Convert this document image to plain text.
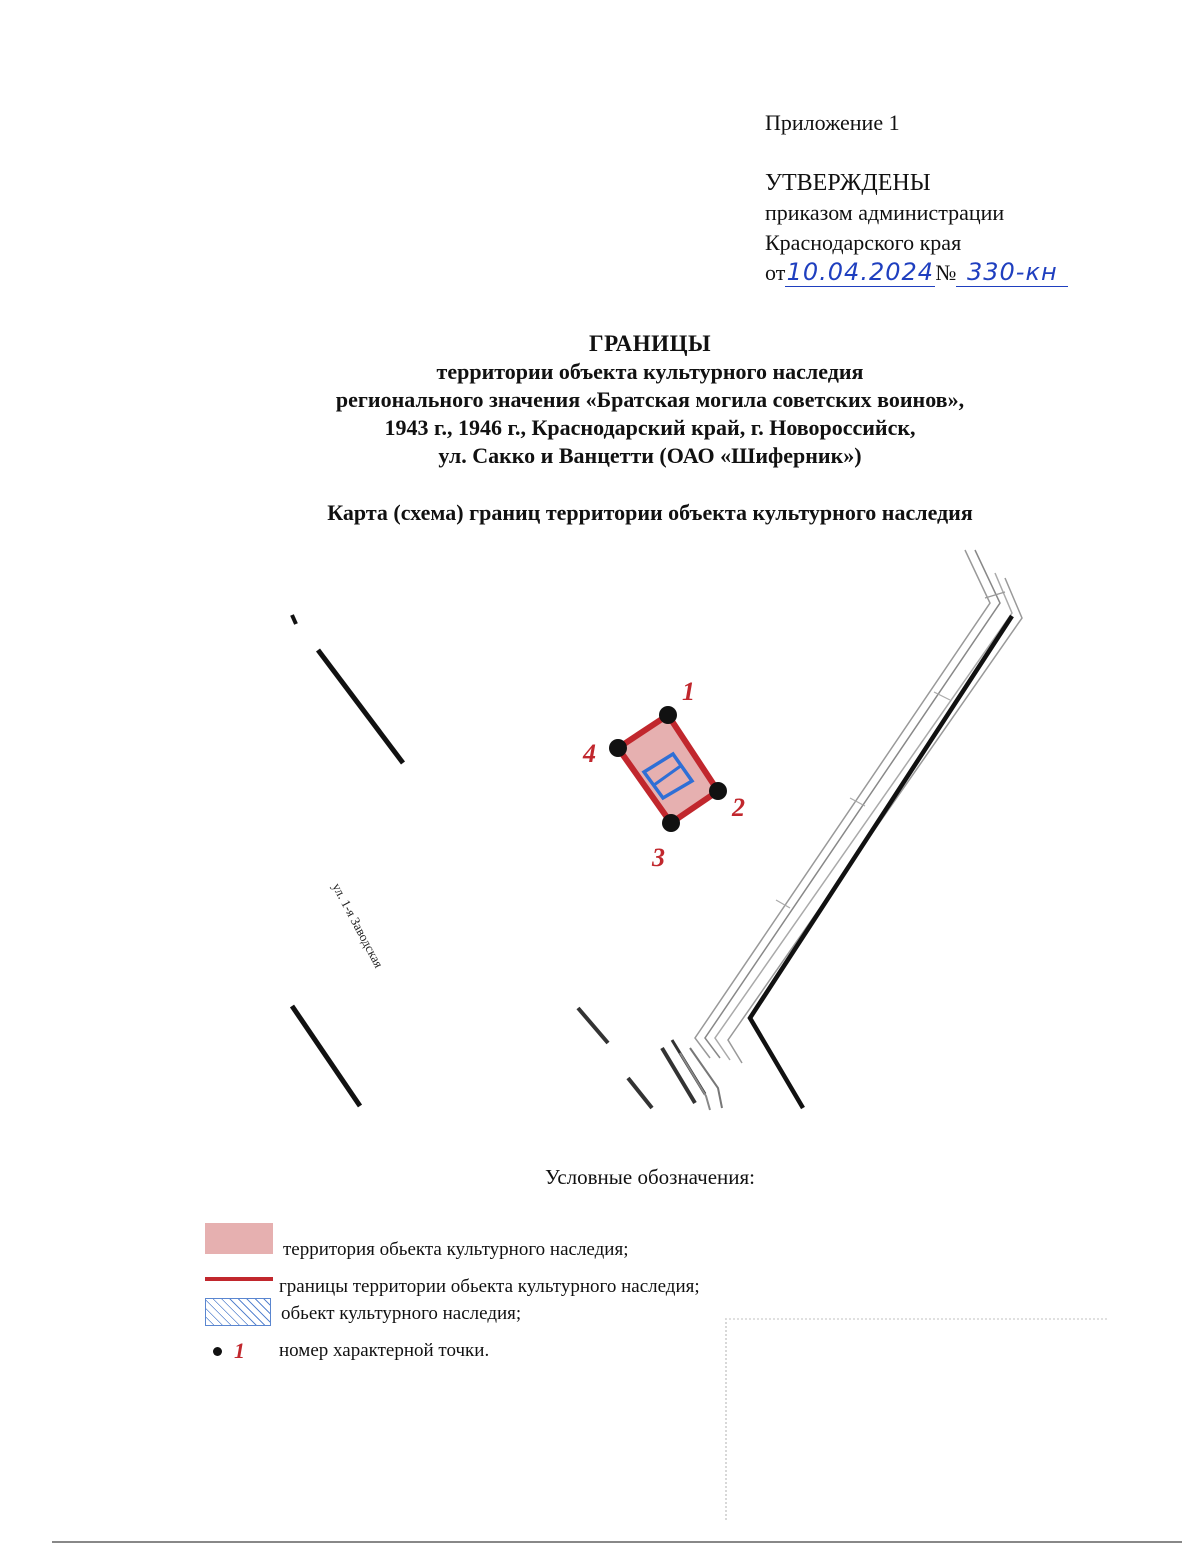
Приложение 1
УТВЕРЖДЕНЫ
приказом администрации
Краснодарского края
от10.04.2024№ 330-кн
ГРАНИЦЫ
территории объекта культурного наследия
регионального значения «Братская могила советских воинов»,
1943 г., 1946 г., Краснодарский край, г. Новороссийск,
ул. Сакко и Ванцетти (ОАО «Шиферник»)
Карта (схема) границ территории объекта культурного наследия
ул. 1-я Заводская
1
2
3
4
Условные обозначения:
территория обьекта культурного наследия;
границы территории обьекта культурного наследия;
обьект культурного наследия;
1 номер характерной точки.
